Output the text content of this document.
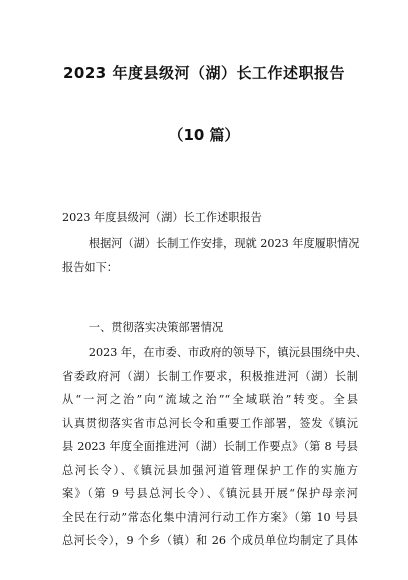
2023 年度县级河（湖）长工作述职报告
（10 篇）
2023 年度县级河（湖）长工作述职报告
根据河（湖）长制工作安排，现就 2023 年度履职情况
报告如下：
一、贯彻落实决策部署情况
2023 年，在市委、市政府的领导下，镇沅县围绕中央、
省委政府河（湖）长制工作要求，积极推进河（湖）长制
从“一河之治”向“流域之治”“全域联治”转变。全县
认真贯彻落实省市总河长令和重要工作部署，签发《镇沅
县 2023 年度全面推进河（湖）长制工作要点》（第 8 号县
总河长令）、《镇沅县加强河道管理保护工作的实施方
案》（第 9 号县总河长令）、《镇沅县开展“保护母亲河
全民在行动”常态化集中清河行动工作方案》（第 10 号县
总河长令），9 个乡（镇）和 26 个成员单位均制定了具体
